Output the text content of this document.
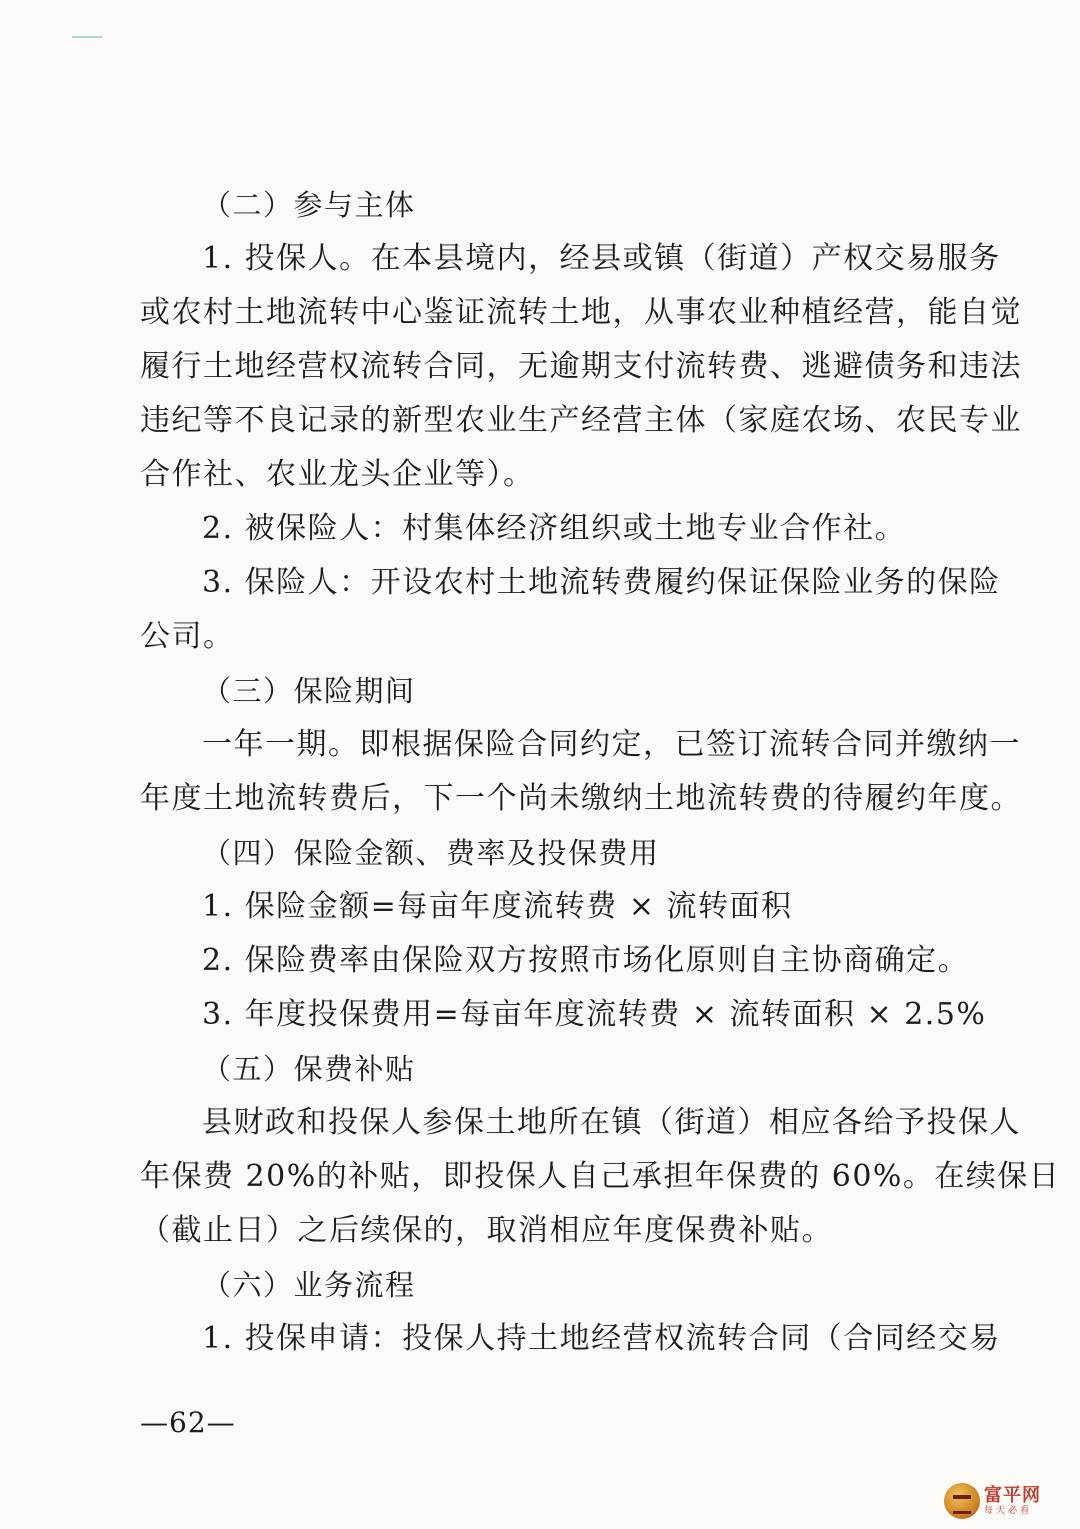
（二）参与主体
1. 投保人。在本县境内，经县或镇（街道）产权交易服务
或农村土地流转中心鉴证流转土地，从事农业种植经营，能自觉
履行土地经营权流转合同，无逾期支付流转费、逃避债务和违法
违纪等不良记录的新型农业生产经营主体（家庭农场、农民专业
合作社、农业龙头企业等）。
2. 被保险人：村集体经济组织或土地专业合作社。
3. 保险人：开设农村土地流转费履约保证保险业务的保险
公司。
（三）保险期间
一年一期。即根据保险合同约定，已签订流转合同并缴纳一
年度土地流转费后，下一个尚未缴纳土地流转费的待履约年度。
（四）保险金额、费率及投保费用
1. 保险金额=每亩年度流转费 × 流转面积
2. 保险费率由保险双方按照市场化原则自主协商确定。
3. 年度投保费用=每亩年度流转费 × 流转面积 × 2.5%
（五）保费补贴
县财政和投保人参保土地所在镇（街道）相应各给予投保人
年保费 20%的补贴，即投保人自己承担年保费的 60%。在续保日
（截止日）之后续保的，取消相应年度保费补贴。
（六）业务流程
1. 投保申请：投保人持土地经营权流转合同（合同经交易
—62—
富平网
每天必看
